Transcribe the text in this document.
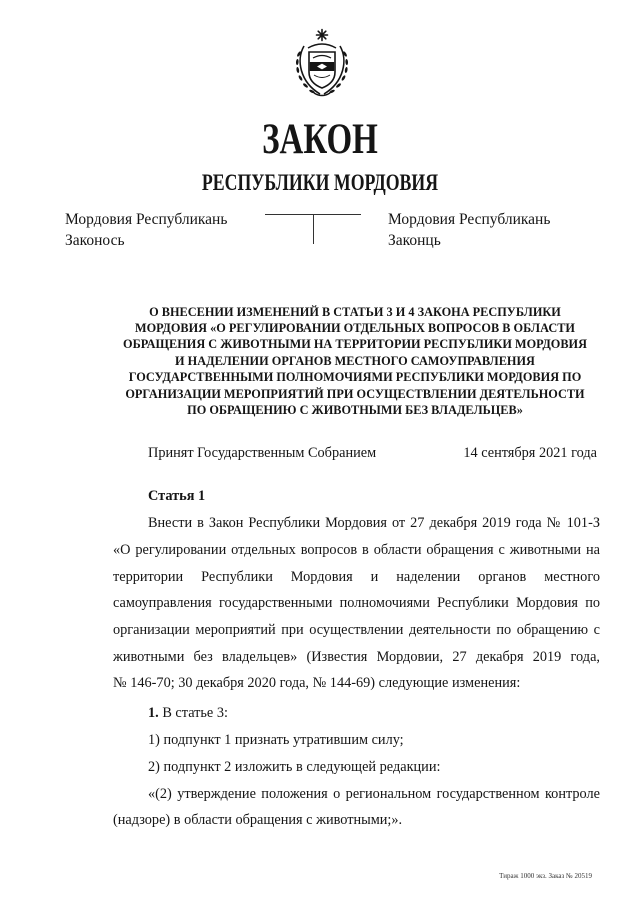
ЗАКОН
РЕСПУБЛИКИ МОРДОВИЯ
Мордовия Республикань
Законось
Мордовия Республикань
Законць
О ВНЕСЕНИИ ИЗМЕНЕНИЙ В СТАТЬИ 3 И 4 ЗАКОНА РЕСПУБЛИКИ
МОРДОВИЯ «О РЕГУЛИРОВАНИИ ОТДЕЛЬНЫХ ВОПРОСОВ В ОБЛАСТИ
ОБРАЩЕНИЯ С ЖИВОТНЫМИ НА ТЕРРИТОРИИ РЕСПУБЛИКИ МОРДОВИЯ
И НАДЕЛЕНИИ ОРГАНОВ МЕСТНОГО САМОУПРАВЛЕНИЯ
ГОСУДАРСТВЕННЫМИ ПОЛНОМОЧИЯМИ РЕСПУБЛИКИ МОРДОВИЯ ПО
ОРГАНИЗАЦИИ МЕРОПРИЯТИЙ ПРИ ОСУЩЕСТВЛЕНИИ ДЕЯТЕЛЬНОСТИ
ПО ОБРАЩЕНИЮ С ЖИВОТНЫМИ БЕЗ ВЛАДЕЛЬЦЕВ»
Принят Государственным Собранием	14 сентября 2021 года
Статья 1
Внести в Закон Республики Мордовия от 27 декабря 2019 года № 101-З
«О регулировании отдельных вопросов в области обращения с животными на
территории Республики Мордовия и наделении органов местного
самоуправления государственными полномочиями Республики Мордовия по
организации мероприятий при осуществлении деятельности по обращению с
животными без владельцев» (Известия Мордовии, 27 декабря 2019 года,
№ 146-70; 30 декабря 2020 года, № 144-69) следующие изменения:
1. В статье 3:
1) подпункт 1 признать утратившим силу;
2) подпункт 2 изложить в следующей редакции:
«(2) утверждение положения о региональном государственном контроле
(надзоре) в области обращения с животными;».
Тираж 1000 экз. Заказ № 20519
